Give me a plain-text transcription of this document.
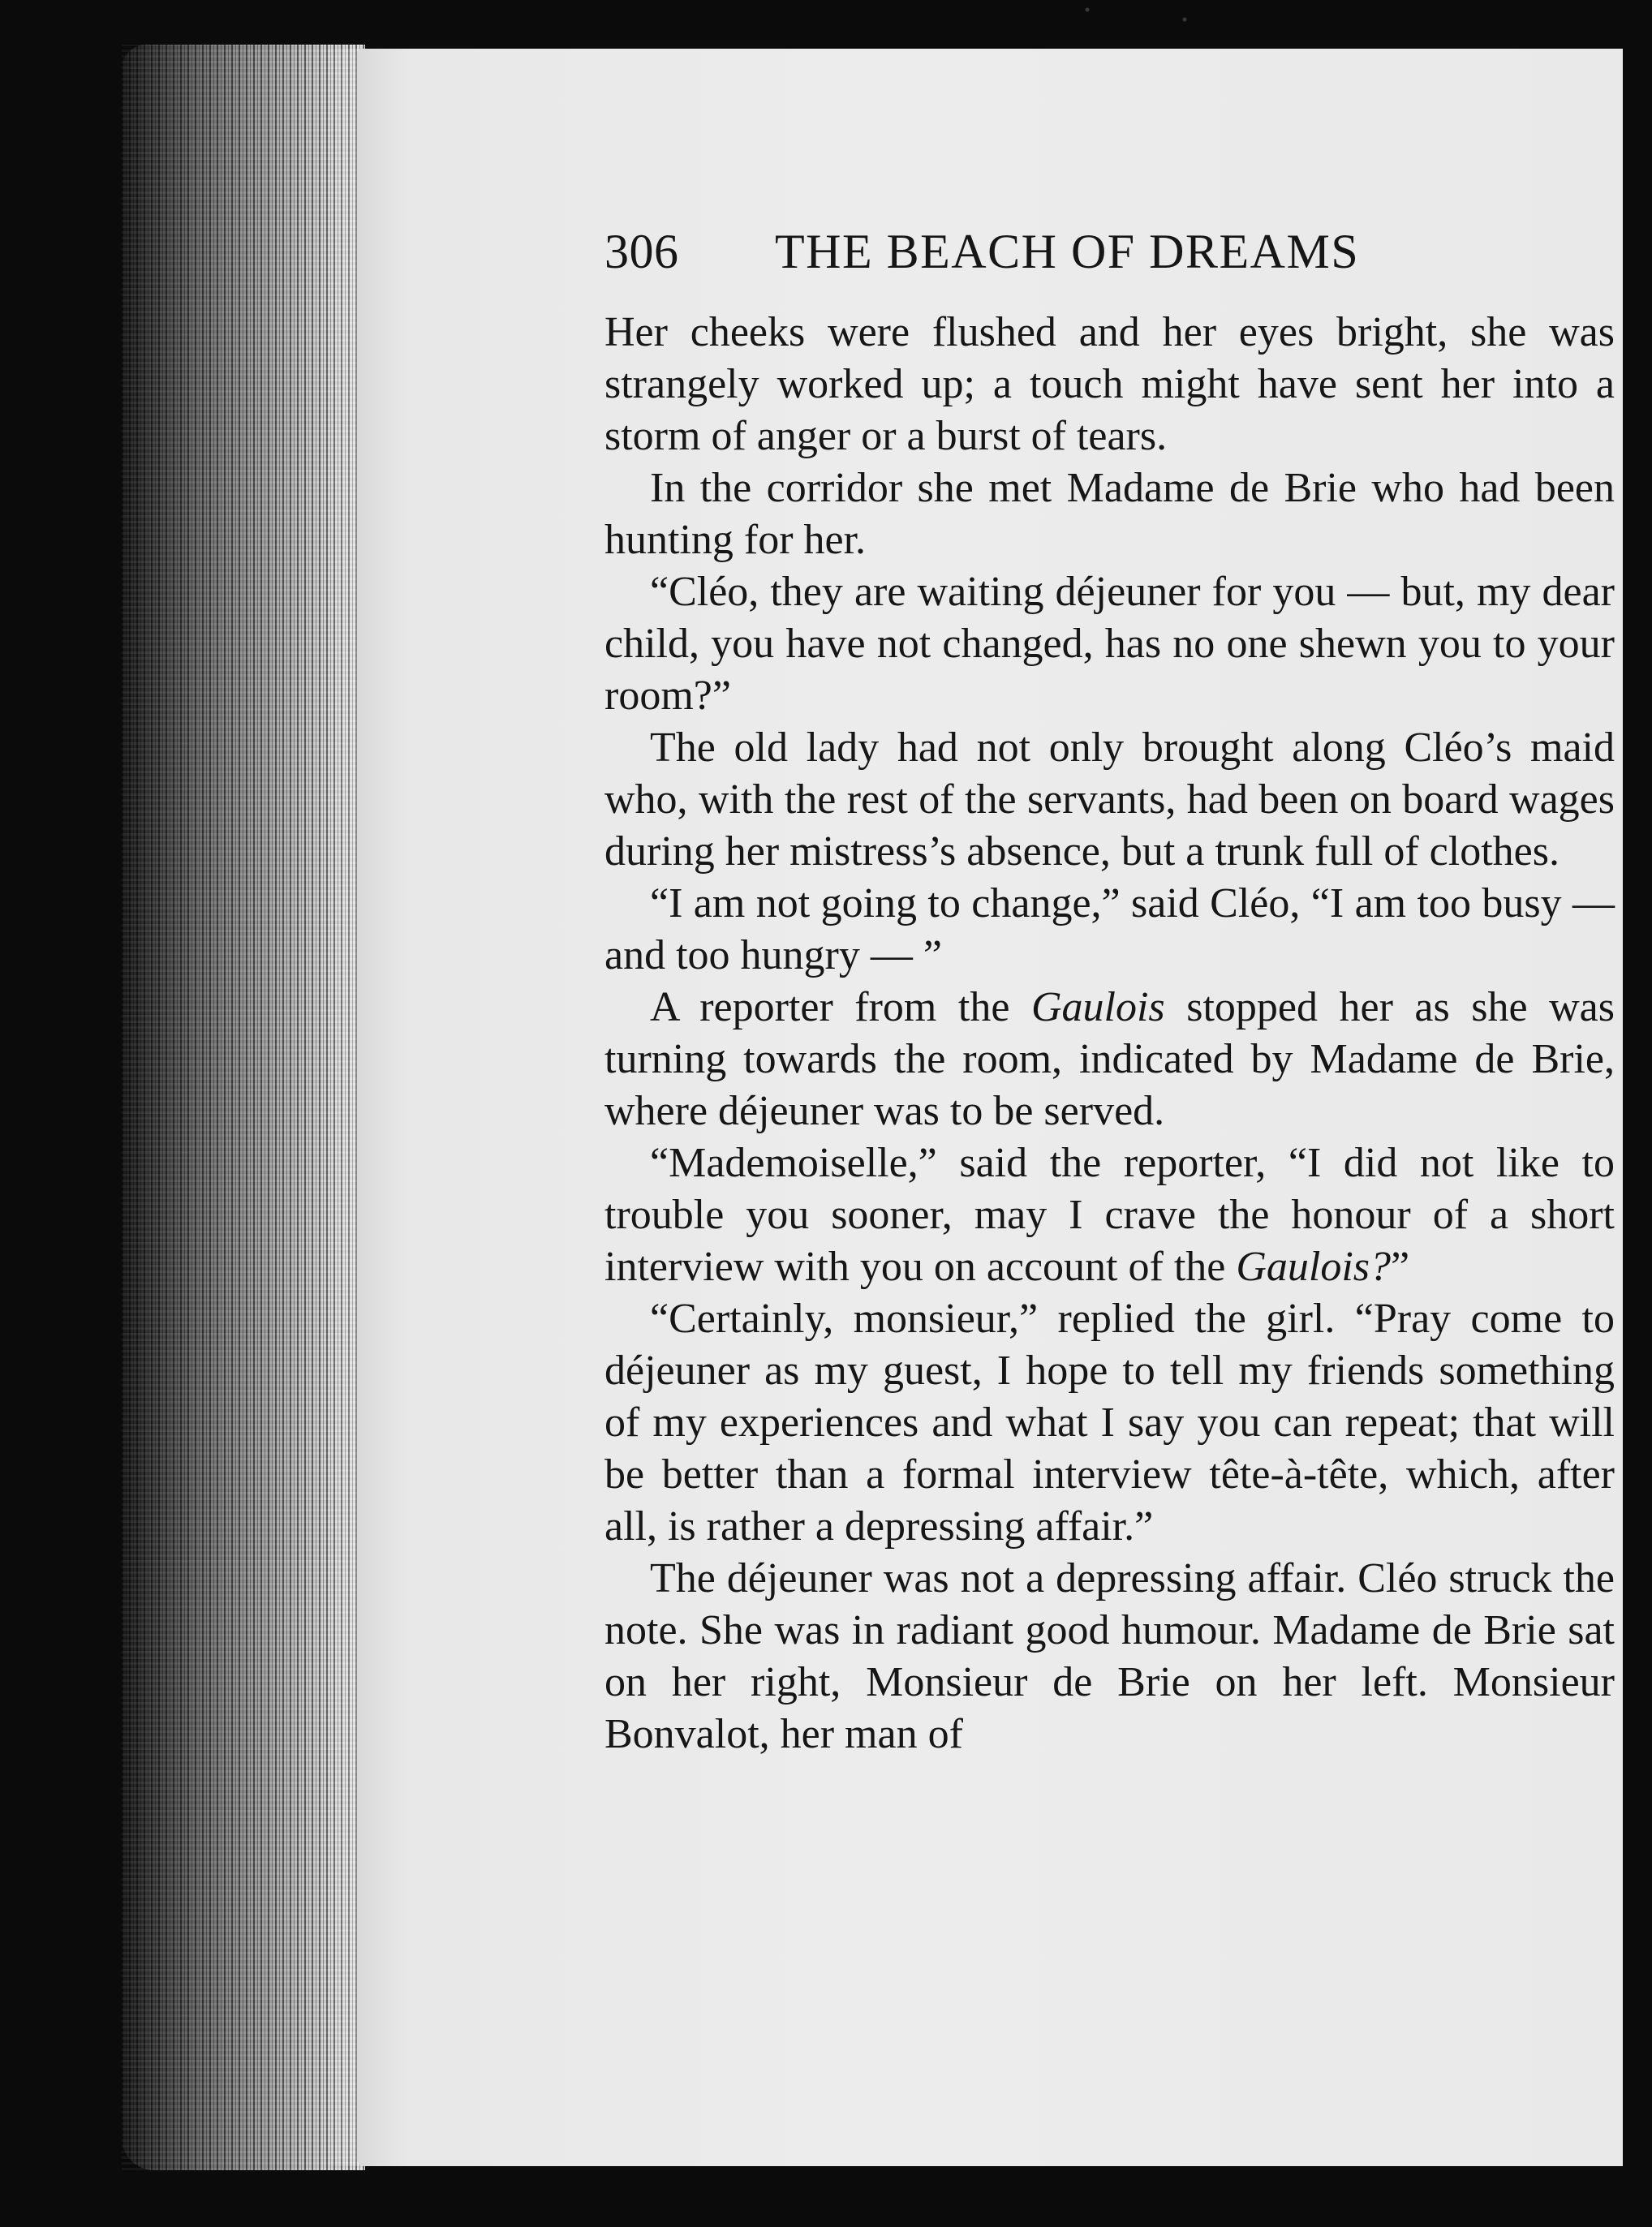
306	THE BEACH OF DREAMS

Her cheeks were flushed and her eyes bright, she was strangely worked up; a touch might have sent her into a storm of anger or a burst of tears.

In the corridor she met Madame de Brie who had been hunting for her.

“Cléo, they are waiting déjeuner for you — but, my dear child, you have not changed, has no one shewn you to your room?”

The old lady had not only brought along Cléo’s maid who, with the rest of the servants, had been on board wages during her mistress’s absence, but a trunk full of clothes.

“I am not going to change,” said Cléo, “I am too busy — and too hungry — ”

A reporter from the Gaulois stopped her as she was turning towards the room, indicated by Madame de Brie, where déjeuner was to be served.

“Mademoiselle,” said the reporter, “I did not like to trouble you sooner, may I crave the honour of a short interview with you on account of the Gaulois?”

“Certainly, monsieur,” replied the girl. “Pray come to déjeuner as my guest, I hope to tell my friends something of my experiences and what I say you can repeat; that will be better than a formal interview tête-à-tête, which, after all, is rather a depressing affair.”

The déjeuner was not a depressing affair. Cléo struck the note. She was in radiant good humour. Madame de Brie sat on her right, Monsieur de Brie on her left. Monsieur Bonvalot, her man of
